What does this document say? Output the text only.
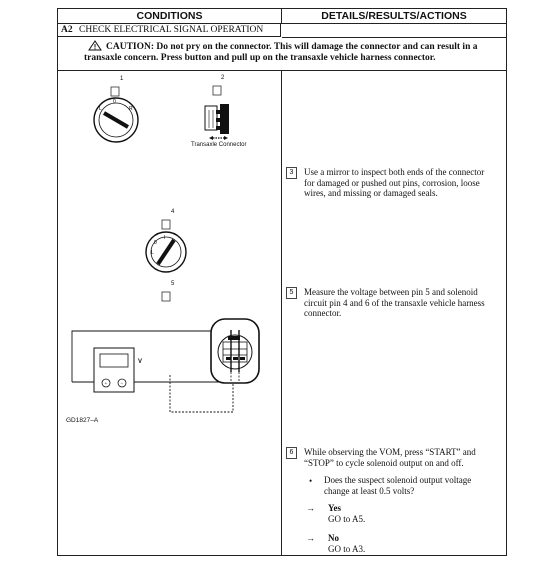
CONDITIONS	DETAILS/RESULTS/ACTIONS
A2 CHECK ELECTRICAL SIGNAL OPERATION
CAUTION: Do not pry on the connector. This will damage the connector and can result in a
transaxle concern. Press button and pull up on the transaxle vehicle harness connector.
0
L	R
0
I
L
+	−
1	2
4
5
V
Transaxle Connector
GD1827–A
3	Use a mirror to inspect both ends of the connector
for damaged or pushed out pins, corrosion, loose
wires, and missing or damaged seals.
5	Measure the voltage between pin 5 and solenoid
circuit pin 4 and 6 of the transaxle vehicle harness
connector.
6	While observing the VOM, press “START” and
“STOP” to cycle solenoid output on and off.
• Does the suspect solenoid output voltage
change at least 0.5 volts?
→ Yes
GO to A5.
→ No
GO to A3.
